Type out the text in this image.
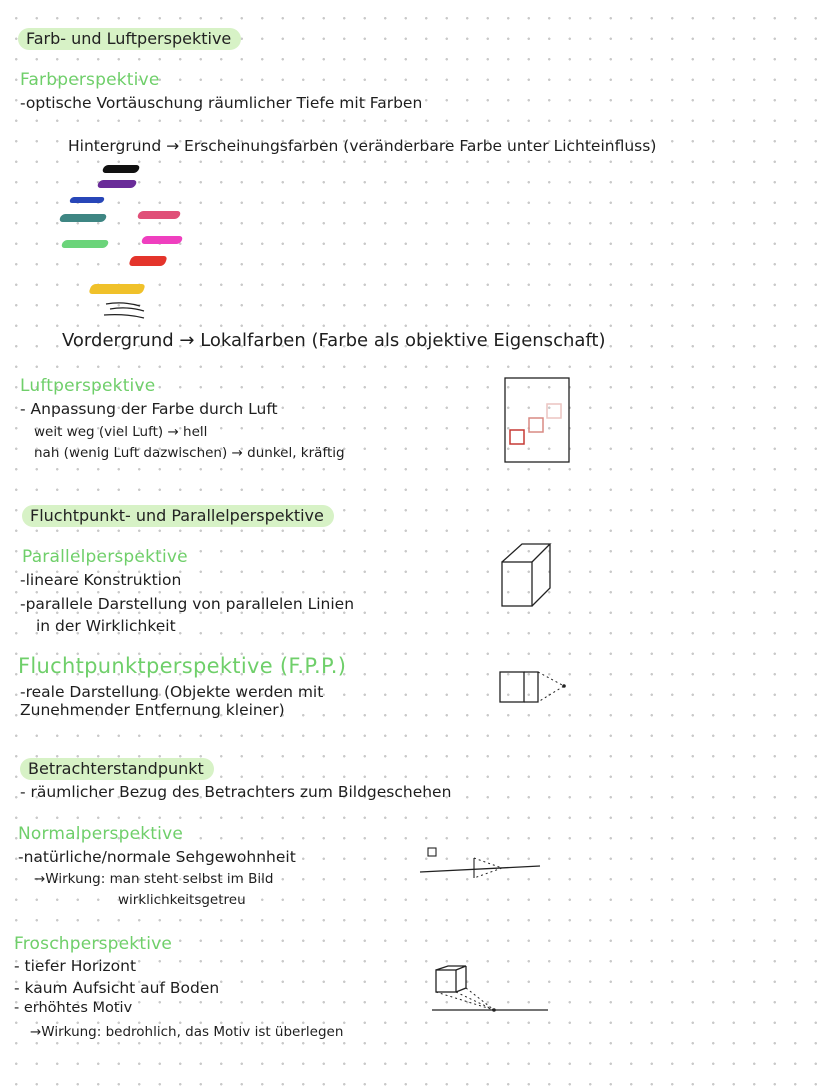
Farb- und Luftperspektive
Farbperspektive
-optische Vortäuschung räumlicher Tiefe mit Farben
Hintergrund → Erscheinungsfarben (veränderbare Farbe unter Lichteinfluss)
Vordergrund → Lokalfarben (Farbe als objektive Eigenschaft)
Luftperspektive
- Anpassung der Farbe durch Luft
weit weg (viel Luft) → hell
nah (wenig Luft dazwischen) → dunkel, kräftig
Fluchtpunkt- und Parallelperspektive
Parallelperspektive
-lineare Konstruktion
-parallele Darstellung von parallelen Linien
in der Wirklichkeit
Fluchtpunktperspektive (F.P.P.)
-reale Darstellung (Objekte werden mit
Zunehmender Entfernung kleiner)
Betrachterstandpunkt
- räumlicher Bezug des Betrachters zum Bildgeschehen
Normalperspektive
-natürliche/normale Sehgewohnheit
→Wirkung: man steht selbst im Bild
wirklichkeitsgetreu
Froschperspektive
- tiefer Horizont
- kaum Aufsicht auf Boden
- erhöhtes Motiv
→Wirkung: bedrohlich, das Motiv ist überlegen
